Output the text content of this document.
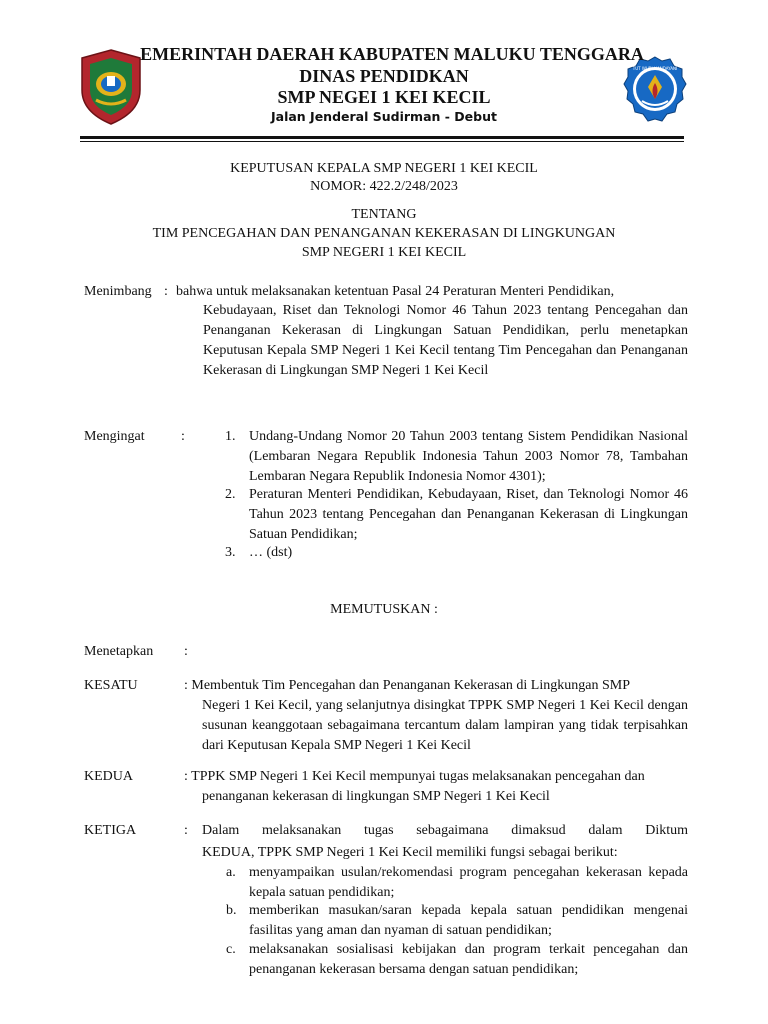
TUT WURI HANDAYANI
EMERINTAH DAERAH KABUPATEN MALUKU TENGGARA
DINAS PENDIDKAN
SMP NEGEI 1 KEI KECIL
Jalan Jenderal Sudirman - Debut
KEPUTUSAN KEPALA SMP NEGERI 1 KEI KECIL
NOMOR: 422.2/248/2023
TENTANG
TIM PENCEGAHAN DAN PENANGANAN KEKERASAN DI LINGKUNGAN
SMP NEGERI 1 KEI KECIL
Menimbang : bahwa untuk melaksanakan ketentuan Pasal 24 Peraturan Menteri Pendidikan,
Kebudayaan, Riset dan Teknologi Nomor 46 Tahun 2023 tentang Pencegahan dan Penanganan Kekerasan di Lingkungan Satuan Pendidikan, perlu menetapkan Keputusan Kepala SMP Negeri 1 Kei Kecil tentang Tim Pencegahan dan Penanganan Kekerasan di Lingkungan SMP Negeri 1 Kei Kecil
Mengingat	:	1. Undang-Undang Nomor 20 Tahun 2003 tentang Sistem Pendidikan Nasional (Lembaran Negara Republik Indonesia Tahun 2003 Nomor 78, Tambahan Lembaran Negara Republik Indonesia Nomor 4301);
2. Peraturan Menteri Pendidikan, Kebudayaan, Riset, dan Teknologi Nomor 46 Tahun 2023 tentang Pencegahan dan Penanganan Kekerasan di Lingkungan Satuan Pendidikan;
3. … (dst)
MEMUTUSKAN :
Menetapkan :
KESATU	: Membentuk Tim Pencegahan dan Penanganan Kekerasan di Lingkungan SMP
Negeri 1 Kei Kecil, yang selanjutnya disingkat TPPK SMP Negeri 1 Kei Kecil dengan susunan keanggotaan sebagaimana tercantum dalam lampiran yang tidak terpisahkan dari Keputusan Kepala SMP Negeri 1 Kei Kecil
KEDUA	: TPPK SMP Negeri 1 Kei Kecil mempunyai tugas melaksanakan pencegahan dan
penanganan kekerasan di lingkungan SMP Negeri 1 Kei Kecil
KETIGA	: Dalam melaksanakan tugas sebagaimana dimaksud dalam Diktum
KEDUA, TPPK SMP Negeri 1 Kei Kecil memiliki fungsi sebagai berikut:
a. menyampaikan usulan/rekomendasi program pencegahan kekerasan kepada kepala satuan pendidikan;
b. memberikan masukan/saran kepada kepala satuan pendidikan mengenai fasilitas yang aman dan nyaman di satuan pendidikan;
c. melaksanakan sosialisasi kebijakan dan program terkait pencegahan dan penanganan kekerasan bersama dengan satuan pendidikan;
